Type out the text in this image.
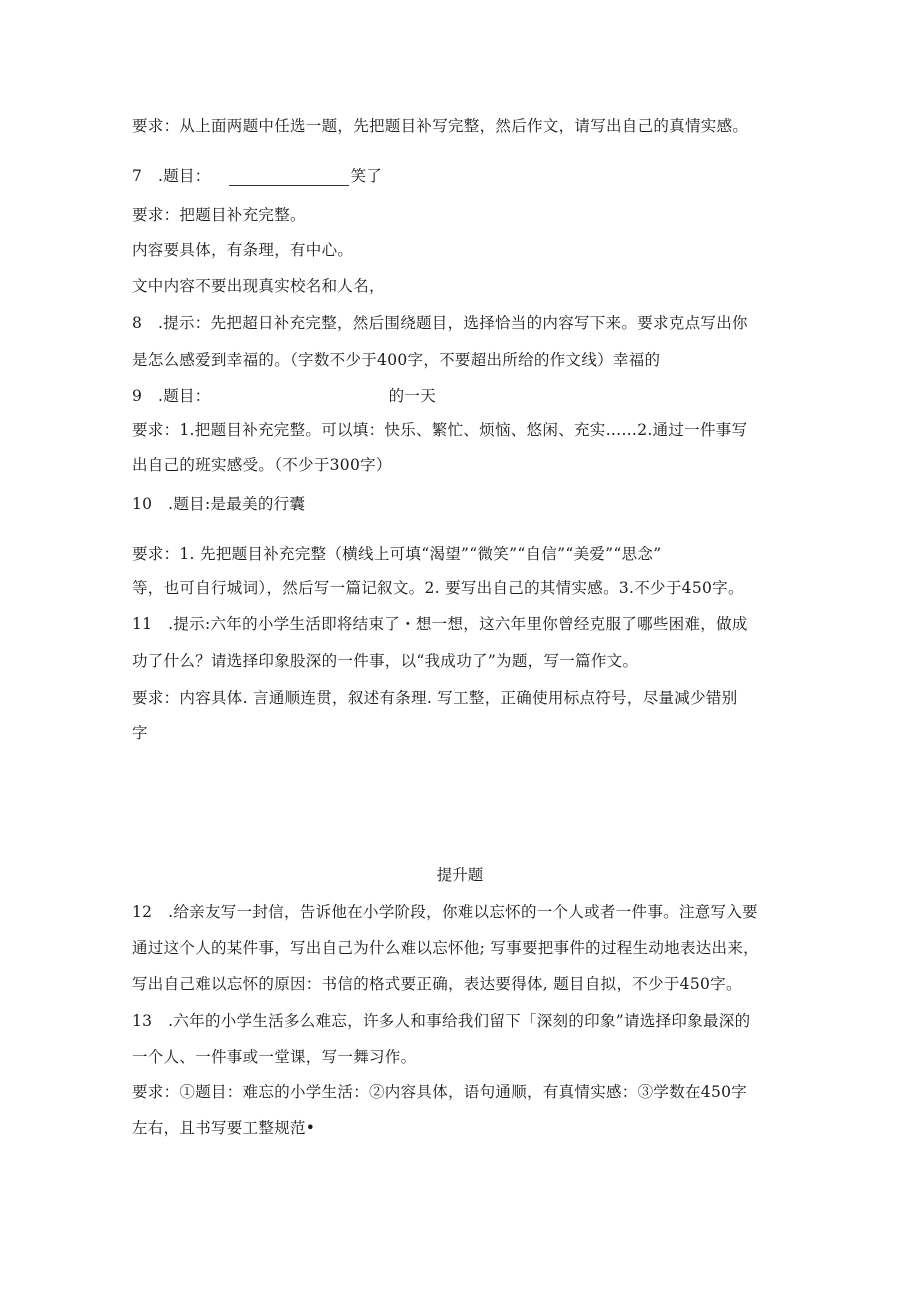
要求：从上面两题中任选一题，先把题目补写完整，然后作文，请写出自己的真情实感。
7　.题目：	笑了
要求：把题目补充完整。
内容要具体，有条理，有中心。
文中内容不要出现真实校名和人名，
8　.提示：先把超日补充完整，然后围绕题目，选择恰当的内容写下来。要求克点写出你
是怎么感爱到幸福的。（字数不少于400字，不要超出所给的作文线）幸福的
9　.题目：	的一天
要求：1.把题目补充完整。可以填：快乐、繁忙、烦恼、悠闲、充实……2.通过一件事写
出自己的班实感受。（不少于300字）
10　.题目:是最美的行囊
要求：1. 先把题目补充完整（横线上可填“渴望”“微笑”“自信”“美爱”“思念”
等，也可自行城词），然后写一篇记叙文。2. 要写出自己的其情实感。3.不少于450字。
11　.提示:六年的小学生活即将结束了・想一想，这六年里你曾经克服了哪些困难，做成
功了什么？请选择印象股深的一件事，以“我成功了”为题，写一篇作文。
要求：内容具体. 言通顺连贯，叙述有条理. 写工整，正确使用标点符号，尽量减少错别
字
提升题
12　.给亲友写一封信，告诉他在小学阶段，你难以忘怀的一个人或者一件事。注意写入要
通过这个人的某件事，写出自己为什么难以忘怀他; 写事要把事件的过程生动地表达出来，
写出自己难以忘怀的原因：书信的格式要正确，表达要得体, 题目自拟，不少于450字。
13　.六年的小学生活多么难忘，许多人和事给我们留下「深刻的印象”请选择印象最深的
一个人、一件事或一堂课，写一舞习作。
要求：①题目：难忘的小学生活：②内容具体，语句通顺，有真情实感：③学数在450字
左右，且书写要工整规范•
